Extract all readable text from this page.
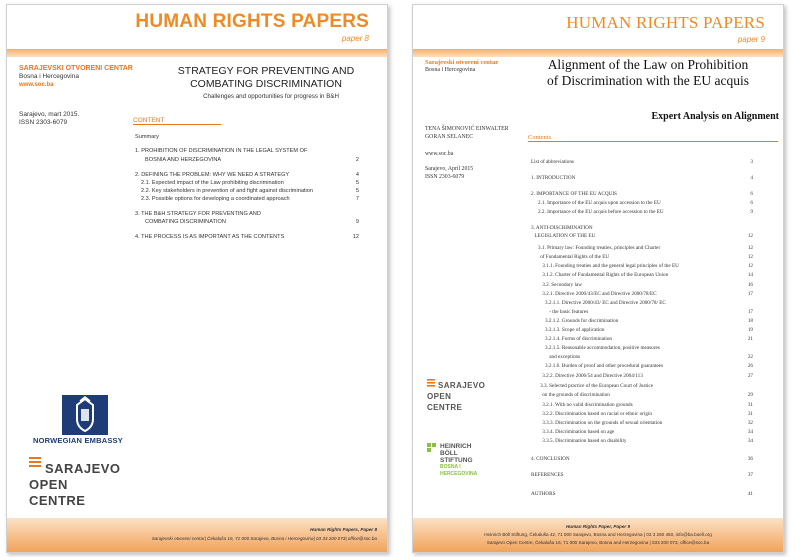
HUMAN RIGHTS PAPERS
paper 8
SARAJEVSKI OTVORENI CENTAR
Bosna i Hercegovina
www.soc.ba
STRATEGY FOR PREVENTING AND
COMBATING DISCRIMINATION
Challenges and opportunities for progress in B&H
Sarajevo, mart 2015.
ISSN 2303-6079	CONTENT
Summary
1. PROHIBITION OF DISCRIMINATION IN THE LEGAL SYSTEM OF
BOSNIA AND HERZEGOVINA	2
2. DEFINING THE PROBLEM: WHY WE NEED A STRATEGY	4
2.1. Expected impact of the Law prohibiting discrimination	5
2.2. Key stakeholders in prevention of and fight against discrimination	5
2.3. Possible options for developing a coordinated approach	7
3. THE B&H STRATEGY FOR PREVENTING AND
COMBATING DISCRIMINATION	9
4. THE PROCESS IS AS IMPORTANT AS THE CONTENTS	12
NORWEGIAN EMBASSY
SARAJEVO
OPEN
CENTRE
Human Rights Papers, Paper 8
Sarajevski otvoreni centar| Čekaluša 16, 71 000 Sarajevo, Bosna i Hercegovina| 03 33 200 073| office@soc.ba
HUMAN RIGHTS PAPERS
paper 9
Sarajevski otvoreni centar
Bosna i Hercegovina	Alignment of the Law on Prohibition
of Discrimination with the EU acquis
Expert Analysis on Alignment
TENA ŠIMONOVIĆ EINWALTER
GORAN SELANEC	Contents
www.soc.ba
Sarajevo, April 2015
ISSN 2303-6079
List of abbreviations	3
1. INTRODUCTION	4
2. IMPORTANCE OF THE EU ACQUIS	6
2.1. Importance of the EU acquis upon accession to the EU	6
2.2. Importance of the EU acquis before accession to the EU	9
3. ANTI-DISCRIMINATION
LEGISLATION OF THE EU	12
3.1. Primary law: Founding treaties, principles and Charter	12
of Fundamental Rights of the EU	12
3.1.1. Founding treaties and the general legal principles of the EU	12
3.1.2. Charter of Fundamental Rights of the European Union	14
3.2. Secondary law	16
3.2.1. Directive 2000/43/EC and Directive 2000/78/EC	17
3.2.1.1. Directive 2000/43/ EC and Directive 2000/78/ EC
- the basic features	17
3.2.1.2. Grounds for discrimination	18
3.2.1.3. Scope of application	19
3.2.1.4. Forms of discrimination	21
3.2.1.5. Reasonable accommodation, positive measures
and exceptions	22
3.2.1.6. Burden of proof and other procedural guarantees	26
3.2.2. Directive 2006/54 and Directive 2004/113	27
3.3. Selected practice of the European Court of Justice
on the grounds of discrimination	29
3.2.1. With no valid discrimination grounds	31
3.2.2. Discrimination based on racial or ethnic origin	31
3.3.3. Discrimination on the grounds of sexual orientation	32
3.3.4. Discrimination based on age	34
3.3.5. Discrimination based on disability	34
4. CONCLUSION	36
REFERENCES	37
AUTHORS	41
SARAJEVO
OPEN
CENTRE
HEINRICH
BÖLL
STIFTUNG
BOSNA I
HERCEGOVINA
Human Rights Paper, Paper 9
Heinrich Böll Stiftung, Čekaluša 42, 71 000 Sarajevo, Bosna and Herzegovina | 03 3 260 450, info@ba.boell.org
Sarajevo Open Centre, Čekaluša 16, 71 000 Sarajevo, Bosna and Herzegovina | 033 200 073, office@soc.ba
